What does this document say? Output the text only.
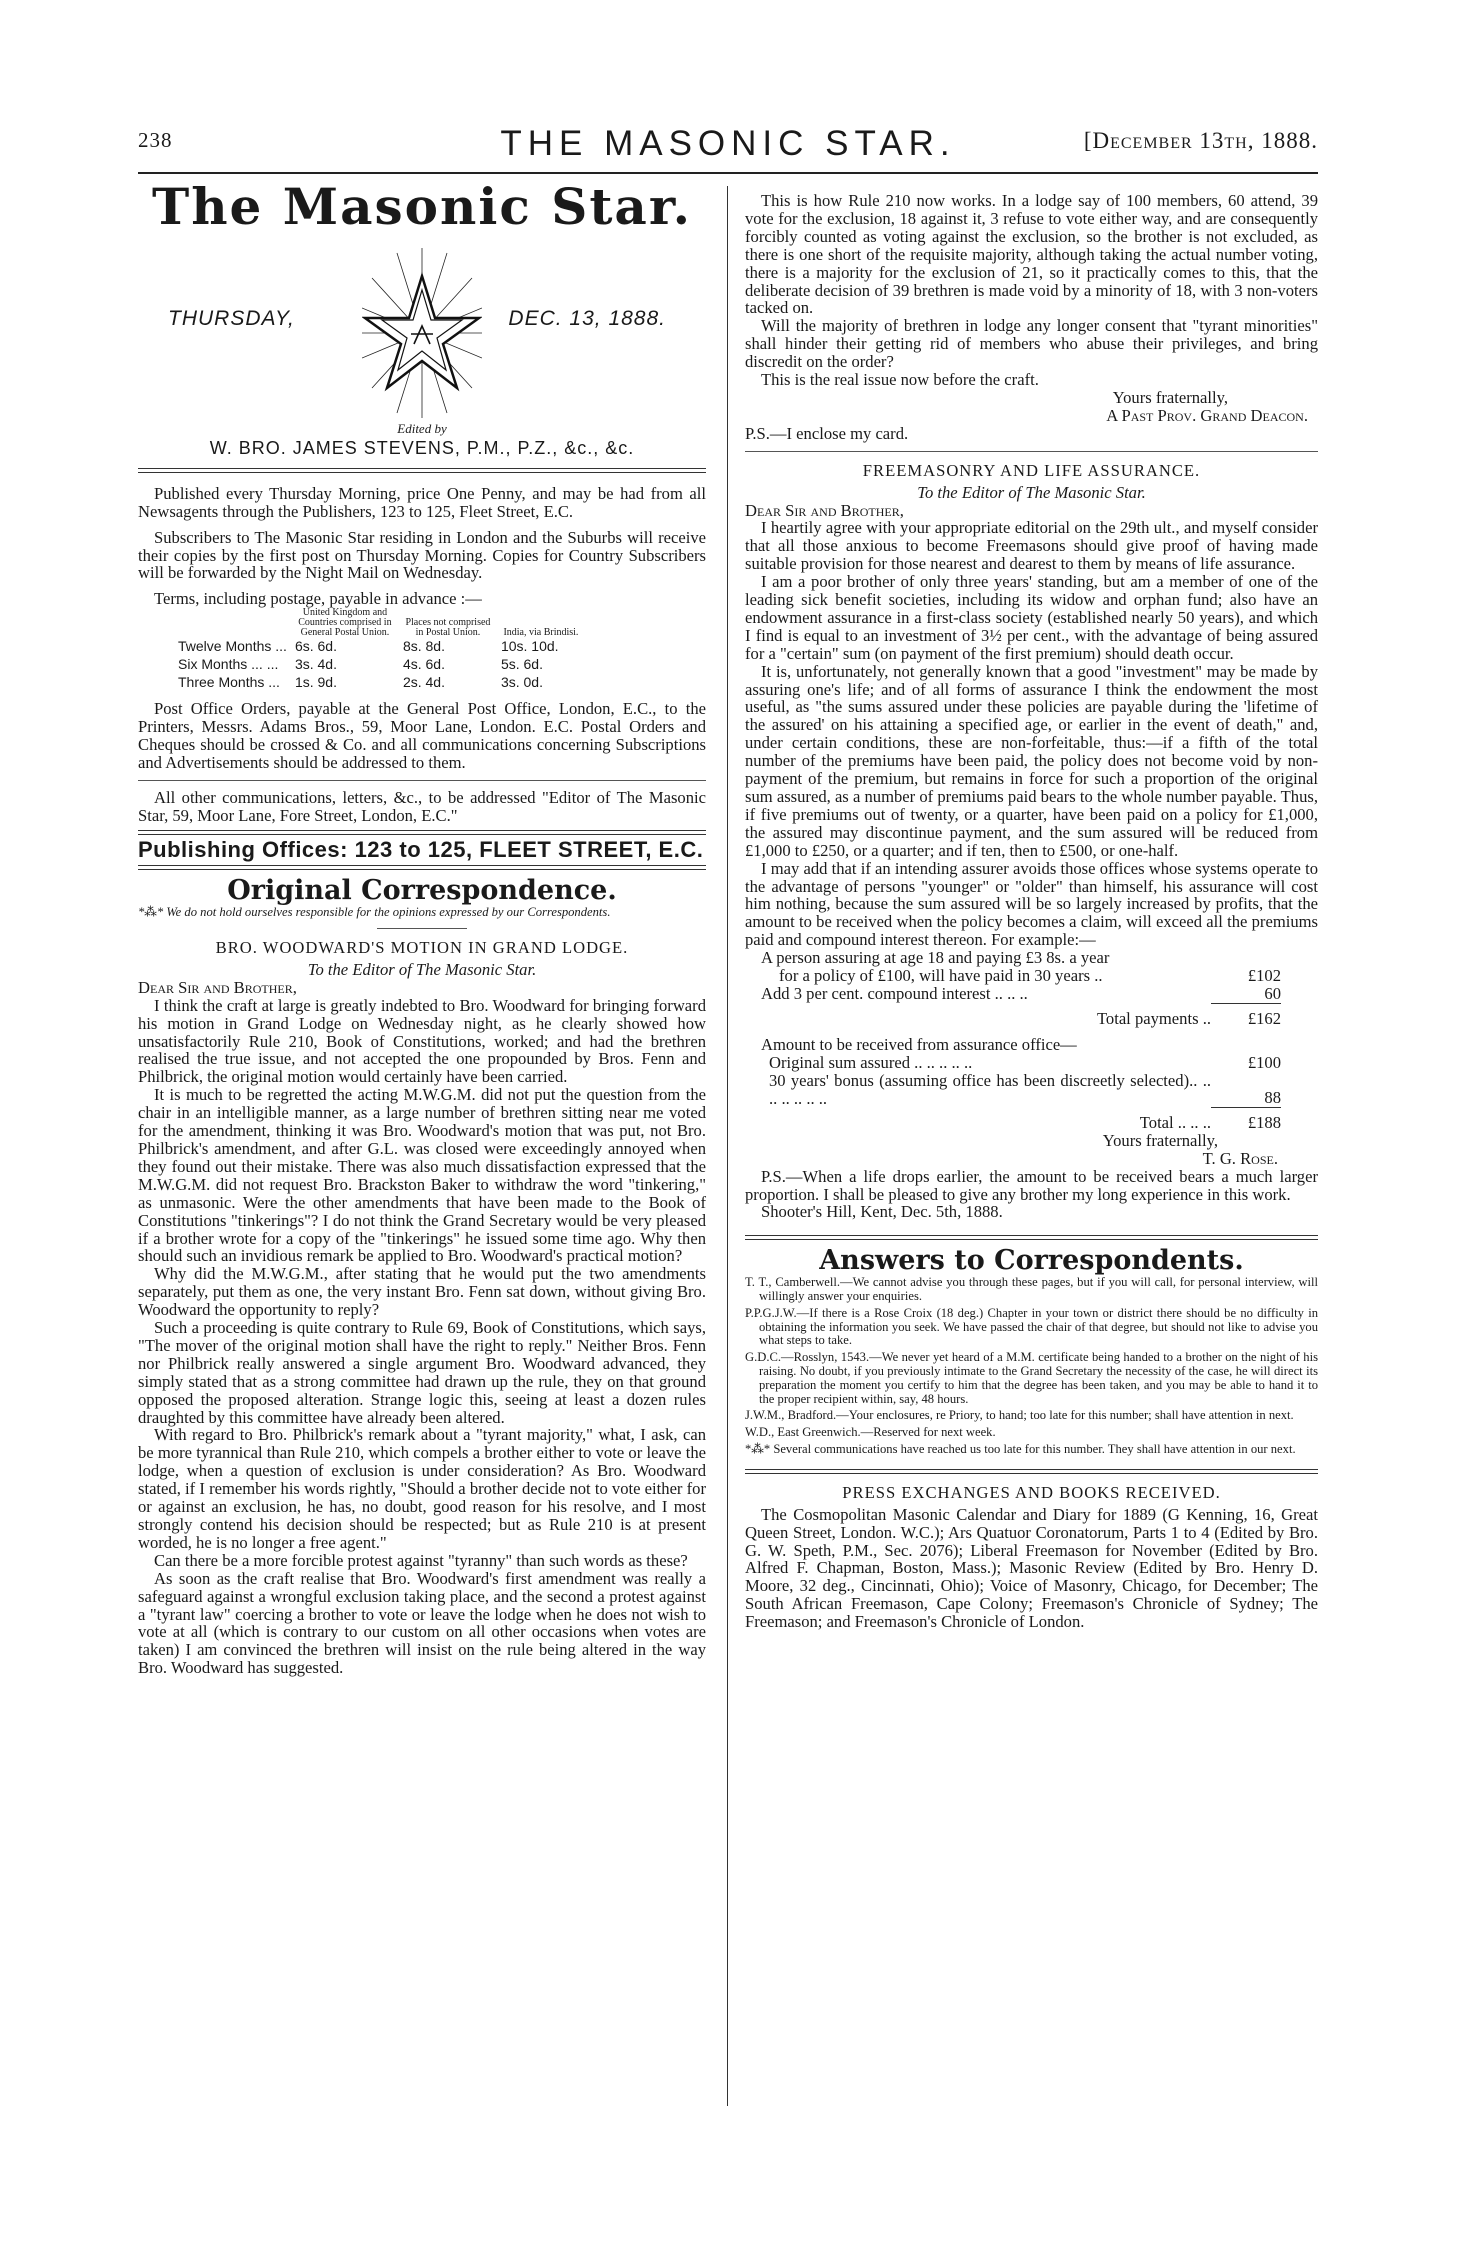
238	THE MASONIC STAR.	[December 13th, 1888.
The Masonic Star.
THURSDAY,	DEC. 13, 1888.
Edited by
W. BRO. JAMES STEVENS, P.M., P.Z., &c., &c.

Published every Thursday Morning, price One Penny, and may be had from all Newsagents through the Publishers, 123 to 125, Fleet Street, E.C.

Subscribers to The Masonic Star residing in London and the Suburbs will receive their copies by the first post on Thursday Morning. Copies for Country Subscribers will be forwarded by the Night Mail on Wednesday.

Terms, including postage, payable in advance :—

	United Kingdom and Countries comprised in General Postal Union.	Places not comprised in Postal Union.	India, via Brindisi.
Twelve Months ...	6s. 6d.	8s. 8d.	10s. 10d.
Six Months ... ...	3s. 4d.	4s. 6d.	5s. 6d.
Three Months ...	1s. 9d.	2s. 4d.	3s. 0d.

Post Office Orders, payable at the General Post Office, London, E.C., to the Printers, Messrs. Adams Bros., 59, Moor Lane, London. E.C. Postal Orders and Cheques should be crossed & Co. and all communications concerning Subscriptions and Advertisements should be addressed to them.

All other communications, letters, &c., to be addressed "Editor of The Masonic Star, 59, Moor Lane, Fore Street, London, E.C."

Publishing Offices: 123 to 125, FLEET STREET, E.C.
Original Correspondence.

*⁂* We do not hold ourselves responsible for the opinions expressed by our Correspondents.

BRO. WOODWARD'S MOTION IN GRAND LODGE.

To the Editor of The Masonic Star.

Dear Sir and Brother,

I think the craft at large is greatly indebted to Bro. Woodward for bringing forward his motion in Grand Lodge on Wednesday night, as he clearly showed how unsatisfactorily Rule 210, Book of Constitutions, worked; and had the brethren realised the true issue, and not accepted the one propounded by Bros. Fenn and Philbrick, the original motion would certainly have been carried.

It is much to be regretted the acting M.W.G.M. did not put the question from the chair in an intelligible manner, as a large number of brethren sitting near me voted for the amendment, thinking it was Bro. Woodward's motion that was put, not Bro. Philbrick's amendment, and after G.L. was closed were exceedingly annoyed when they found out their mistake. There was also much dissatisfaction expressed that the M.W.G.M. did not request Bro. Brackston Baker to withdraw the word "tinkering," as unmasonic. Were the other amendments that have been made to the Book of Constitutions "tinkerings"? I do not think the Grand Secretary would be very pleased if a brother wrote for a copy of the "tinkerings" he issued some time ago. Why then should such an invidious remark be applied to Bro. Woodward's practical motion?

Why did the M.W.G.M., after stating that he would put the two amendments separately, put them as one, the very instant Bro. Fenn sat down, without giving Bro. Woodward the opportunity to reply?

Such a proceeding is quite contrary to Rule 69, Book of Constitutions, which says, "The mover of the original motion shall have the right to reply." Neither Bros. Fenn nor Philbrick really answered a single argument Bro. Woodward advanced, they simply stated that as a strong committee had drawn up the rule, they on that ground opposed the proposed alteration. Strange logic this, seeing at least a dozen rules draughted by this committee have already been altered.

With regard to Bro. Philbrick's remark about a "tyrant majority," what, I ask, can be more tyrannical than Rule 210, which compels a brother either to vote or leave the lodge, when a question of exclusion is under consideration? As Bro. Woodward stated, if I remember his words rightly, "Should a brother decide not to vote either for or against an exclusion, he has, no doubt, good reason for his resolve, and I most strongly contend his decision should be respected; but as Rule 210 is at present worded, he is no longer a free agent."

Can there be a more forcible protest against "tyranny" than such words as these?

As soon as the craft realise that Bro. Woodward's first amendment was really a safeguard against a wrongful exclusion taking place, and the second a protest against a "tyrant law" coercing a brother to vote or leave the lodge when he does not wish to vote at all (which is contrary to our custom on all other occasions when votes are taken) I am convinced the brethren will insist on the rule being altered in the way Bro. Woodward has suggested.

This is how Rule 210 now works. In a lodge say of 100 members, 60 attend, 39 vote for the exclusion, 18 against it, 3 refuse to vote either way, and are consequently forcibly counted as voting against the exclusion, so the brother is not excluded, as there is one short of the requisite majority, although taking the actual number voting, there is a majority for the exclusion of 21, so it practically comes to this, that the deliberate decision of 39 brethren is made void by a minority of 18, with 3 non-voters tacked on.

Will the majority of brethren in lodge any longer consent that "tyrant minorities" shall hinder their getting rid of members who abuse their privileges, and bring discredit on the order?

This is the real issue now before the craft.

Yours fraternally,

A Past Prov. Grand Deacon.

P.S.—I enclose my card.

FREEMASONRY AND LIFE ASSURANCE.

To the Editor of The Masonic Star.

Dear Sir and Brother,

I heartily agree with your appropriate editorial on the 29th ult., and myself consider that all those anxious to become Freemasons should give proof of having made suitable provision for those nearest and dearest to them by means of life assurance.

I am a poor brother of only three years' standing, but am a member of one of the leading sick benefit societies, including its widow and orphan fund; also have an endowment assurance in a first-class society (established nearly 50 years), and which I find is equal to an investment of 3½ per cent., with the advantage of being assured for a "certain" sum (on payment of the first premium) should death occur.

It is, unfortunately, not generally known that a good "investment" may be made by assuring one's life; and of all forms of assurance I think the endowment the most useful, as "the sums assured under these policies are payable during the 'lifetime of the assured' on his attaining a specified age, or earlier in the event of death," and, under certain conditions, these are non-forfeitable, thus:—if a fifth of the total number of the premiums have been paid, the policy does not become void by non-payment of the premium, but remains in force for such a proportion of the original sum assured, as a number of premiums paid bears to the whole number payable. Thus, if five premiums out of twenty, or a quarter, have been paid on a policy for £1,000, the assured may discontinue payment, and the sum assured will be reduced from £1,000 to £250, or a quarter; and if ten, then to £500, or one-half.

I may add that if an intending assurer avoids those offices whose systems operate to the advantage of persons "younger" or "older" than himself, his assurance will cost him nothing, because the sum assured will be so largely increased by profits, that the amount to be received when the policy becomes a claim, will exceed all the premiums paid and compound interest thereon. For example:—

A person assuring at age 18 and paying £3 8s. a year	
for a policy of £100, will have paid in 30 years ..	£102
Add 3 per cent. compound interest .. .. ..	60
Total payments ..	£162
Amount to be received from assurance office—	
Original sum assured .. .. .. .. ..	£100
30 years' bonus (assuming office has been discreetly selected).. .. .. .. .. .. ..	88
Total .. .. ..	£188

Yours fraternally,

T. G. Rose.

P.S.—When a life drops earlier, the amount to be received bears a much larger proportion. I shall be pleased to give any brother my long experience in this work.

Shooter's Hill, Kent, Dec. 5th, 1888.

Answers to Correspondents.

T. T., Camberwell.—We cannot advise you through these pages, but if you will call, for personal interview, will willingly answer your enquiries.

P.P.G.J.W.—If there is a Rose Croix (18 deg.) Chapter in your town or district there should be no difficulty in obtaining the information you seek. We have passed the chair of that degree, but should not like to advise you what steps to take.

G.D.C.—Rosslyn, 1543.—We never yet heard of a M.M. certificate being handed to a brother on the night of his raising. No doubt, if you previously intimate to the Grand Secretary the necessity of the case, he will direct its preparation the moment you certify to him that the degree has been taken, and you may be able to hand it to the proper recipient within, say, 48 hours.

J.W.M., Bradford.—Your enclosures, re Priory, to hand; too late for this number; shall have attention in next.

W.D., East Greenwich.—Reserved for next week.

*⁂* Several communications have reached us too late for this number. They shall have attention in our next.

PRESS EXCHANGES AND BOOKS RECEIVED.

The Cosmopolitan Masonic Calendar and Diary for 1889 (G Kenning, 16, Great Queen Street, London. W.C.); Ars Quatuor Coronatorum, Parts 1 to 4 (Edited by Bro. G. W. Speth, P.M., Sec. 2076); Liberal Freemason for November (Edited by Bro. Alfred F. Chapman, Boston, Mass.); Masonic Review (Edited by Bro. Henry D. Moore, 32 deg., Cincinnati, Ohio); Voice of Masonry, Chicago, for December; The South African Freemason, Cape Colony; Freemason's Chronicle of Sydney; The Freemason; and Freemason's Chronicle of London.
